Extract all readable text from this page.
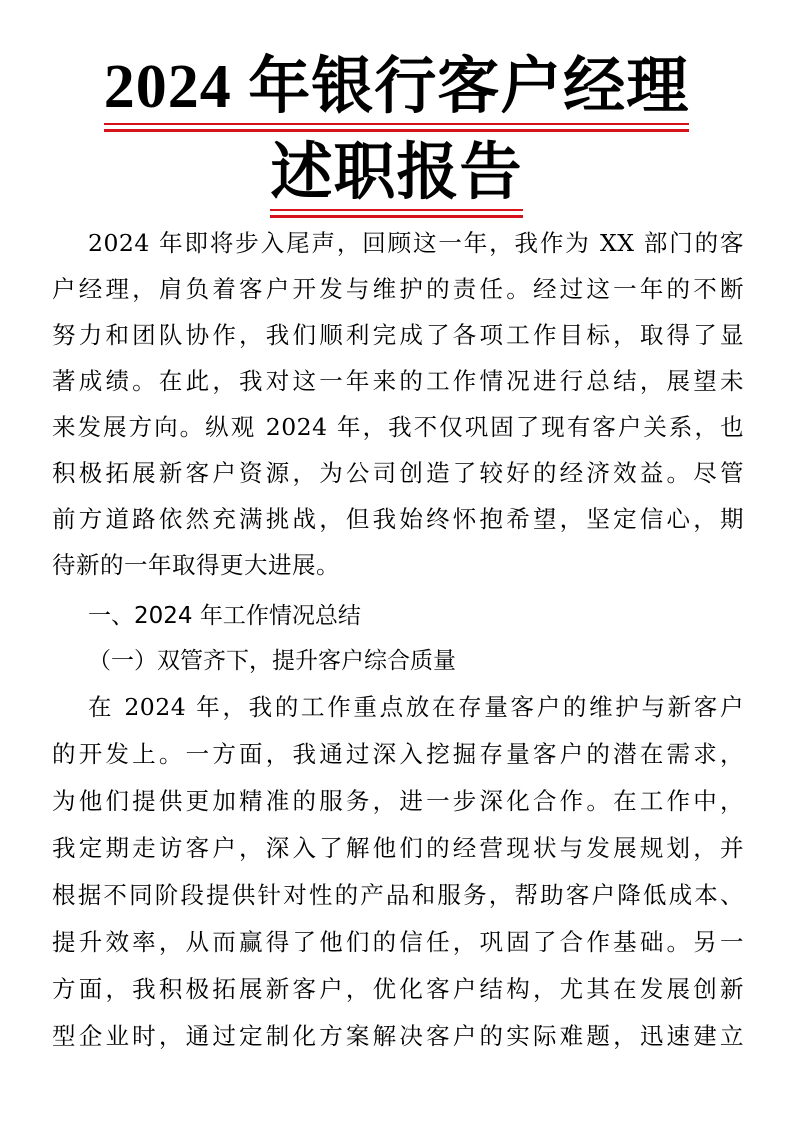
2024 年银行客户经理
述职报告
2024 年即将步入尾声，回顾这一年，我作为 XX 部门的客
户经理，肩负着客户开发与维护的责任。经过这一年的不断
努力和团队协作，我们顺利完成了各项工作目标，取得了显
著成绩。在此，我对这一年来的工作情况进行总结，展望未
来发展方向。纵观 2024 年，我不仅巩固了现有客户关系，也
积极拓展新客户资源，为公司创造了较好的经济效益。尽管
前方道路依然充满挑战，但我始终怀抱希望，坚定信心，期
待新的一年取得更大进展。
一、2024 年工作情况总结
（一）双管齐下，提升客户综合质量
在 2024 年，我的工作重点放在存量客户的维护与新客户
的开发上。一方面，我通过深入挖掘存量客户的潜在需求，
为他们提供更加精准的服务，进一步深化合作。在工作中，
我定期走访客户，深入了解他们的经营现状与发展规划，并
根据不同阶段提供针对性的产品和服务，帮助客户降低成本、
提升效率，从而赢得了他们的信任，巩固了合作基础。另一
方面，我积极拓展新客户，优化客户结构，尤其在发展创新
型企业时，通过定制化方案解决客户的实际难题，迅速建立
